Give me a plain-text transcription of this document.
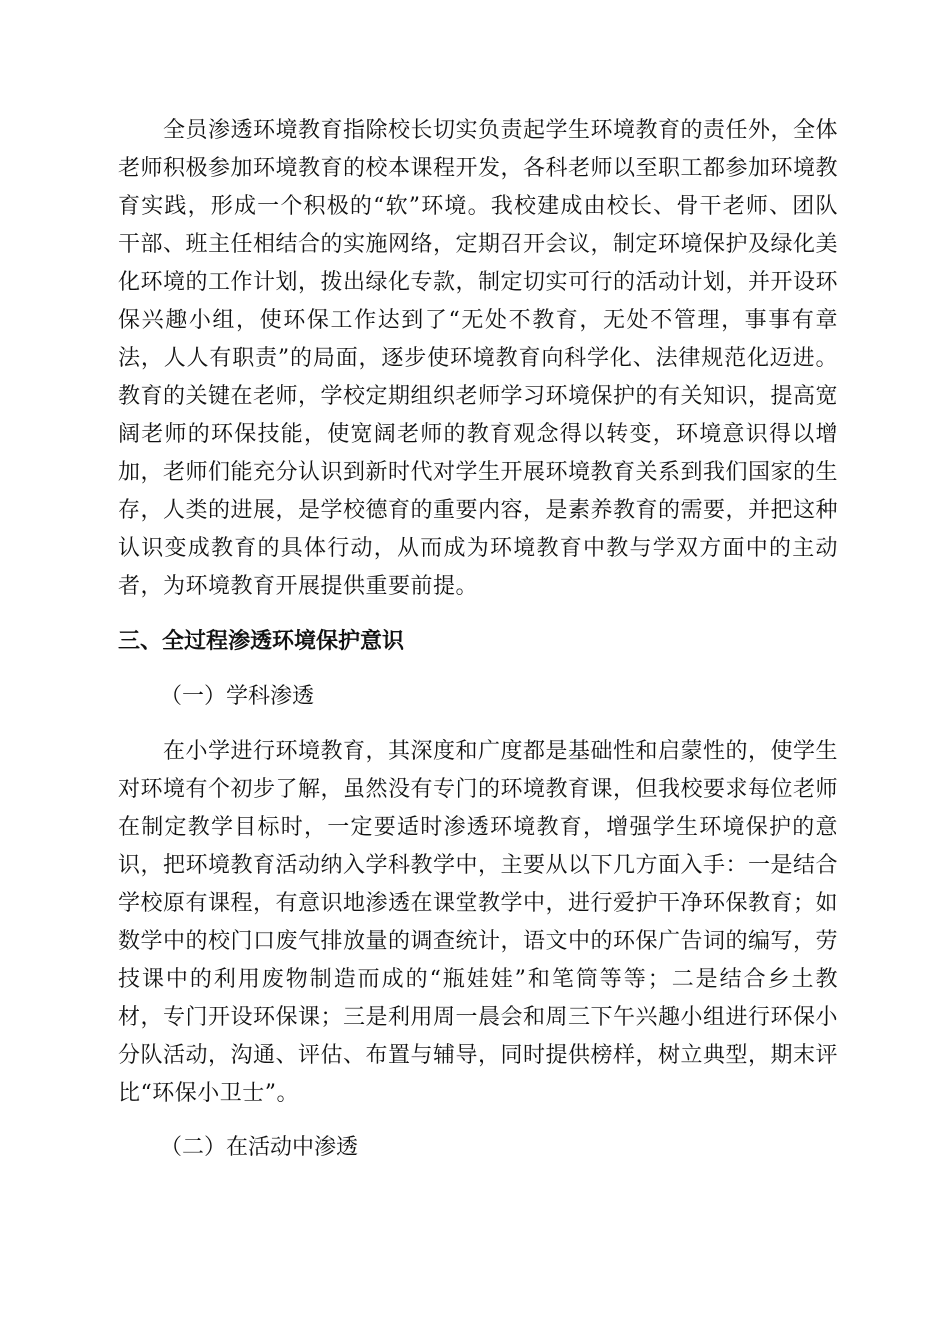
　　全员渗透环境教育指除校长切实负责起学生环境教育的责任外，全体
老师积极参加环境教育的校本课程开发，各科老师以至职工都参加环境教
育实践，形成一个积极的“软”环境。我校建成由校长、骨干老师、团队
干部、班主任相结合的实施网络，定期召开会议，制定环境保护及绿化美
化环境的工作计划，拨出绿化专款，制定切实可行的活动计划，并开设环
保兴趣小组，使环保工作达到了“无处不教育，无处不管理，事事有章
法，人人有职责”的局面，逐步使环境教育向科学化、法律规范化迈进。
教育的关键在老师，学校定期组织老师学习环境保护的有关知识，提高宽
阔老师的环保技能，使宽阔老师的教育观念得以转变，环境意识得以增
加，老师们能充分认识到新时代对学生开展环境教育关系到我们国家的生
存，人类的进展，是学校德育的重要内容，是素养教育的需要，并把这种
认识变成教育的具体行动，从而成为环境教育中教与学双方面中的主动
者，为环境教育开展提供重要前提。
三、全过程渗透环境保护意识
（一）学科渗透
　　在小学进行环境教育，其深度和广度都是基础性和启蒙性的，使学生
对环境有个初步了解，虽然没有专门的环境教育课，但我校要求每位老师
在制定教学目标时，一定要适时渗透环境教育，增强学生环境保护的意
识，把环境教育活动纳入学科教学中，主要从以下几方面入手：一是结合
学校原有课程，有意识地渗透在课堂教学中，进行爱护干净环保教育；如
数学中的校门口废气排放量的调查统计，语文中的环保广告词的编写，劳
技课中的利用废物制造而成的“瓶娃娃”和笔筒等等；二是结合乡土教
材，专门开设环保课；三是利用周一晨会和周三下午兴趣小组进行环保小
分队活动，沟通、评估、布置与辅导，同时提供榜样，树立典型，期末评
比“环保小卫士”。
（二）在活动中渗透
